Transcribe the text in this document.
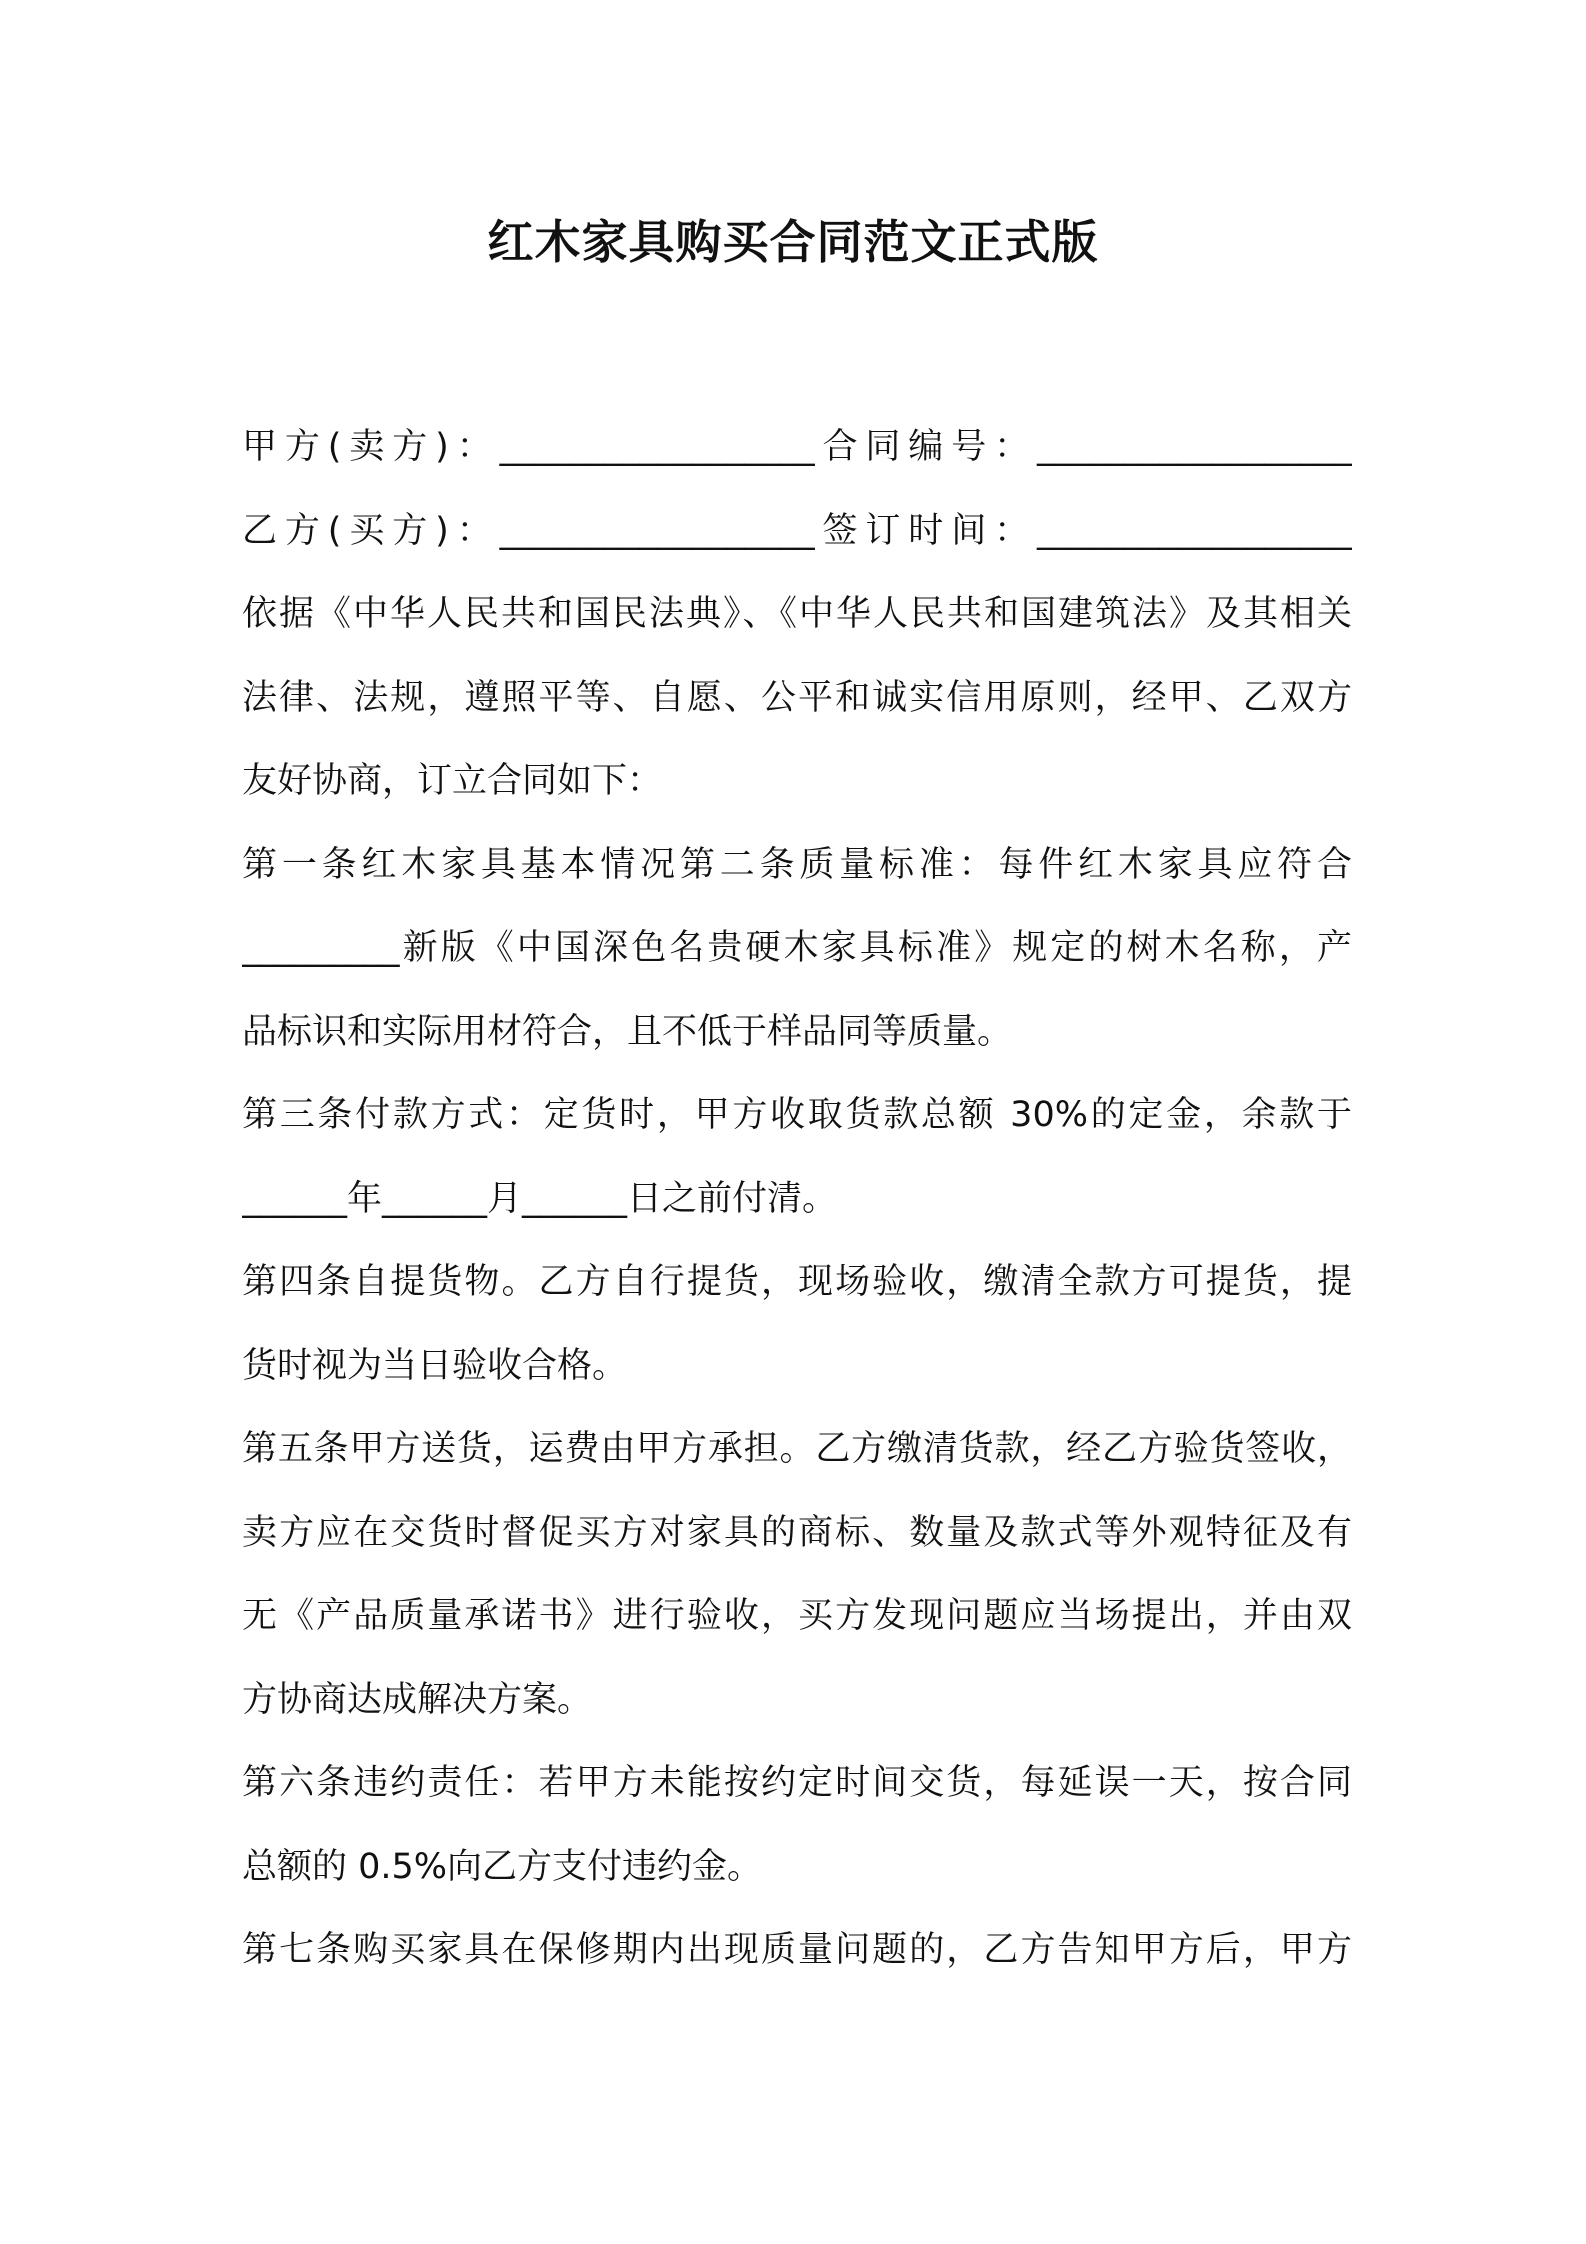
红木家具购买合同范文正式版
甲方(卖方)：__________________合同编号：__________________
乙方(买方)：__________________签订时间：__________________
依据《中华人民共和国民法典》、《中华人民共和国建筑法》及其相关
法律、法规，遵照平等、自愿、公平和诚实信用原则，经甲、乙双方
友好协商，订立合同如下：
第一条红木家具基本情况第二条质量标准：每件红木家具应符合
_________新版《中国深色名贵硬木家具标准》规定的树木名称，产
品标识和实际用材符合，且不低于样品同等质量。
第三条付款方式：定货时，甲方收取货款总额 30%的定金，余款于
______年______月______日之前付清。
第四条自提货物。乙方自行提货，现场验收，缴清全款方可提货，提
货时视为当日验收合格。
第五条甲方送货，运费由甲方承担。乙方缴清货款，经乙方验货签收，
卖方应在交货时督促买方对家具的商标、数量及款式等外观特征及有
无《产品质量承诺书》进行验收，买方发现问题应当场提出，并由双
方协商达成解决方案。
第六条违约责任：若甲方未能按约定时间交货，每延误一天，按合同
总额的 0.5%向乙方支付违约金。
第七条购买家具在保修期内出现质量问题的，乙方告知甲方后，甲方
